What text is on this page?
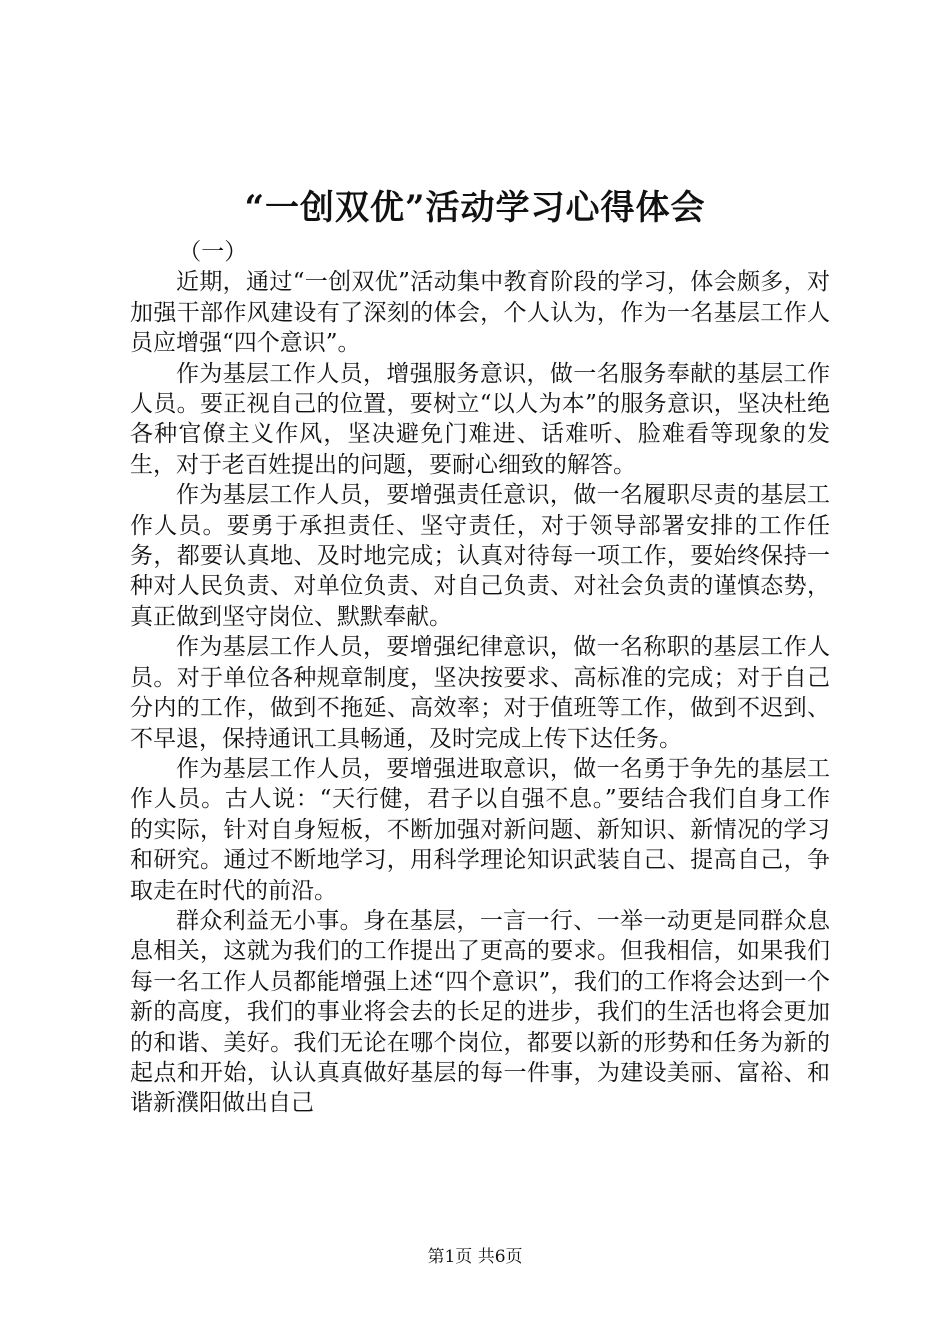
“一创双优”活动学习心得体会

（一）

近期，通过“一创双优”活动集中教育阶段的学习，体会颇多，对加强干部作风建设有了深刻的体会，个人认为，作为一名基层工作人员应增强“四个意识”。

作为基层工作人员，增强服务意识，做一名服务奉献的基层工作人员。要正视自己的位置，要树立“以人为本”的服务意识，坚决杜绝各种官僚主义作风，坚决避免门难进、话难听、脸难看等现象的发生，对于老百姓提出的问题，要耐心细致的解答。

作为基层工作人员，要增强责任意识，做一名履职尽责的基层工作人员。要勇于承担责任、坚守责任，对于领导部署安排的工作任务，都要认真地、及时地完成；认真对待每一项工作，要始终保持一种对人民负责、对单位负责、对自己负责、对社会负责的谨慎态势，真正做到坚守岗位、默默奉献。

作为基层工作人员，要增强纪律意识，做一名称职的基层工作人员。对于单位各种规章制度，坚决按要求、高标准的完成；对于自己分内的工作，做到不拖延、高效率；对于值班等工作，做到不迟到、不早退，保持通讯工具畅通，及时完成上传下达任务。

作为基层工作人员，要增强进取意识，做一名勇于争先的基层工作人员。古人说：“天行健，君子以自强不息。”要结合我们自身工作的实际，针对自身短板，不断加强对新问题、新知识、新情况的学习和研究。通过不断地学习，用科学理论知识武装自己、提高自己，争取走在时代的前沿。

群众利益无小事。身在基层，一言一行、一举一动更是同群众息息相关，这就为我们的工作提出了更高的要求。但我相信，如果我们每一名工作人员都能增强上述“四个意识”，我们的工作将会达到一个新的高度，我们的事业将会去的长足的进步，我们的生活也将会更加的和谐、美好。我们无论在哪个岗位，都要以新的形势和任务为新的起点和开始，认认真真做好基层的每一件事，为建设美丽、富裕、和谐新濮阳做出自己

第1页 共6页
